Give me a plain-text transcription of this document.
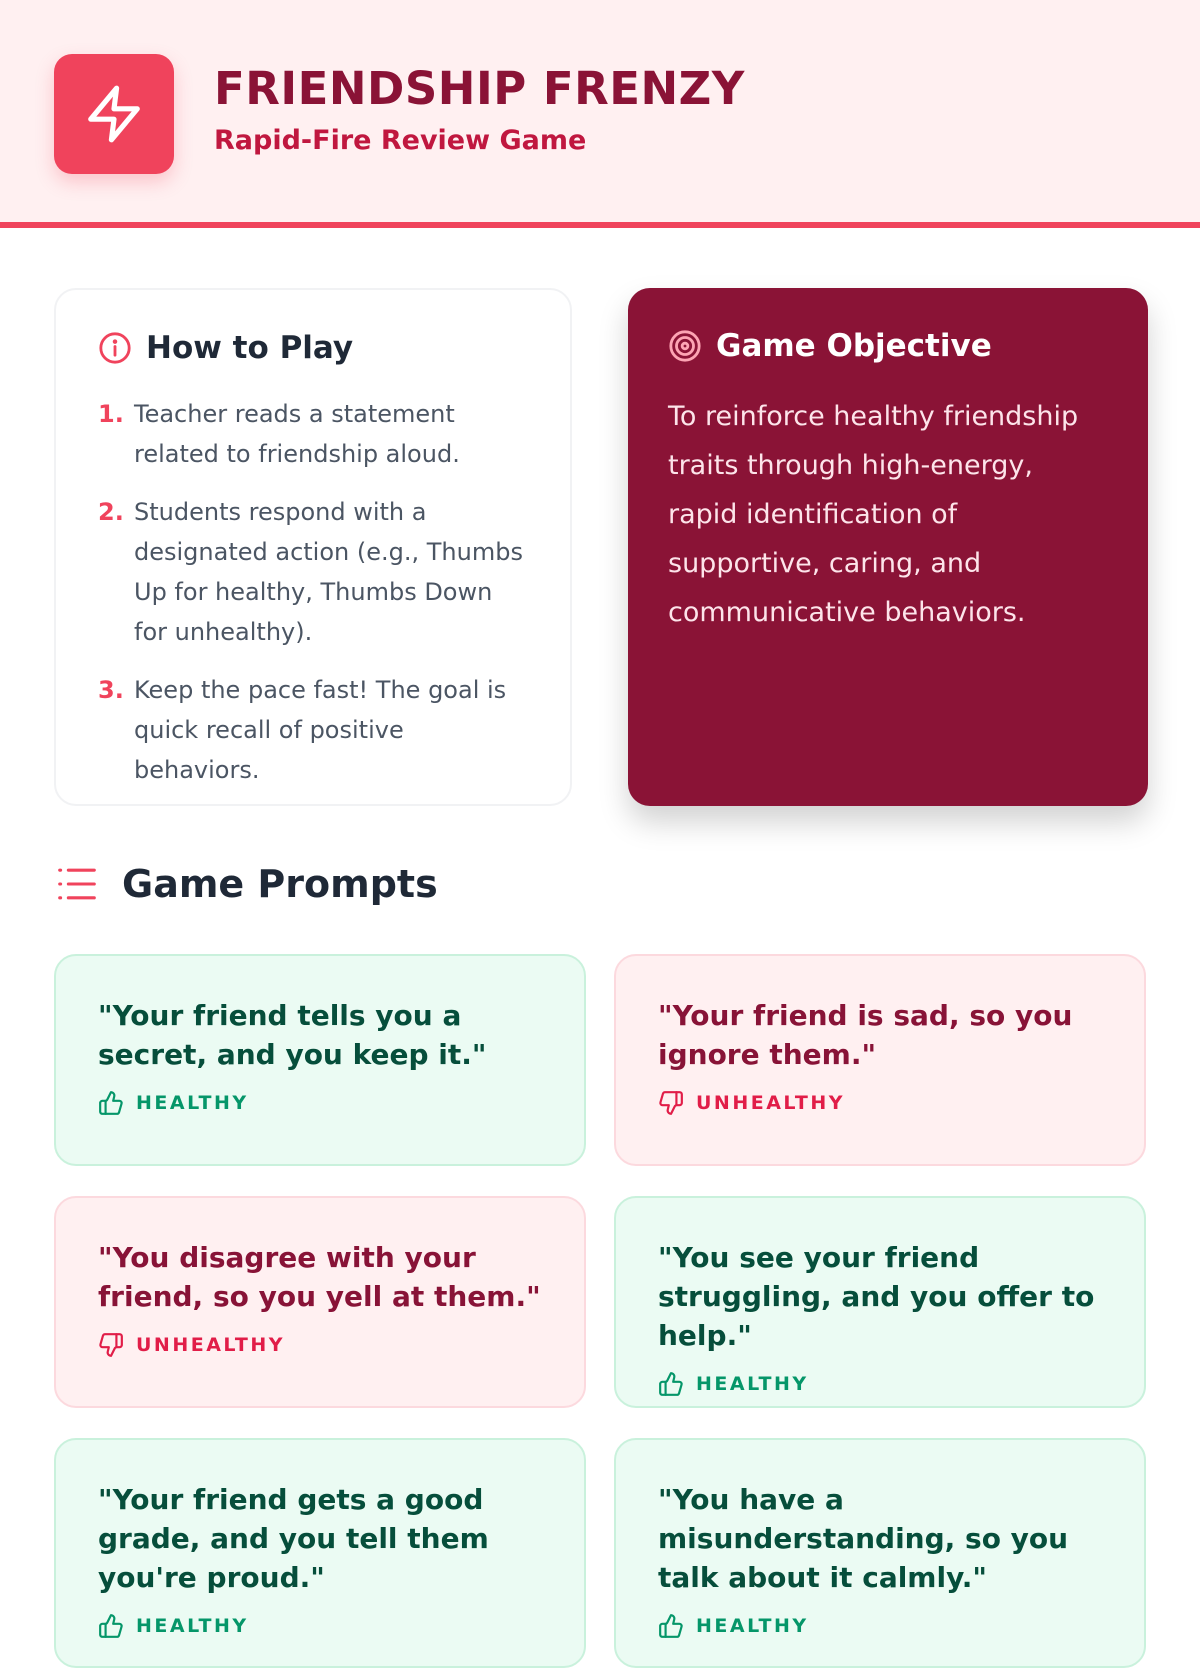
FRIENDSHIP FRENZY
Rapid-Fire Review Game
How to Play
1. Teacher reads a statement related to friendship aloud.
2. Students respond with a designated action (e.g., Thumbs Up for healthy, Thumbs Down for unhealthy).
3. Keep the pace fast! The goal is quick recall of positive behaviors.
Game Objective
To reinforce healthy friendship traits through high-energy, rapid identification of supportive, caring, and communicative behaviors.
Game Prompts
"Your friend tells you a secret, and you keep it."
HEALTHY
"Your friend is sad, so you ignore them."
UNHEALTHY
"You disagree with your friend, so you yell at them."
UNHEALTHY
"You see your friend struggling, and you offer to help."
HEALTHY
"Your friend gets a good grade, and you tell them you're proud."
HEALTHY
"You have a misunderstanding, so you talk about it calmly."
HEALTHY
